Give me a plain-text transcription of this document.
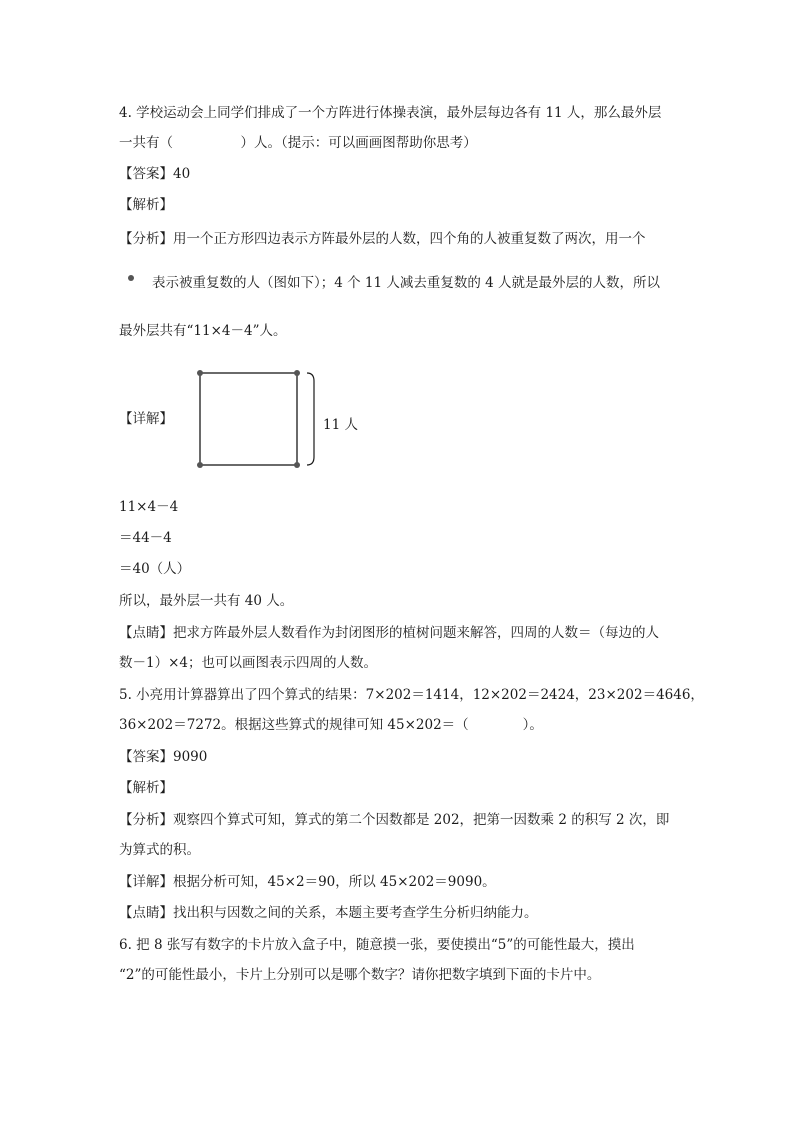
4. 学校运动会上同学们排成了一个方阵进行体操表演，最外层每边各有 11 人，那么最外层
一共有（　　　　　）人。（提示：可以画画图帮助你思考）
【答案】40
【解析】
【分析】用一个正方形四边表示方阵最外层的人数，四个角的人被重复数了两次，用一个
表示被重复数的人（图如下）；4 个 11 人减去重复数的 4 人就是最外层的人数，所以
最外层共有“11×4－4”人。
【详解】	11 人
11×4－4
＝44－4
＝40（人）
所以，最外层一共有 40 人。
【点睛】把求方阵最外层人数看作为封闭图形的植树问题来解答，四周的人数＝（每边的人
数－1）×4；也可以画图表示四周的人数。
5. 小亮用计算器算出了四个算式的结果：7×202＝1414，12×202＝2424，23×202＝4646，
36×202＝7272。根据这些算式的规律可知 45×202＝（　　　　）。
【答案】9090
【解析】
【分析】观察四个算式可知，算式的第二个因数都是 202，把第一因数乘 2 的积写 2 次，即
为算式的积。
【详解】根据分析可知，45×2＝90，所以 45×202＝9090。
【点睛】找出积与因数之间的关系，本题主要考查学生分析归纳能力。
6. 把 8 张写有数字的卡片放入盒子中，随意摸一张，要使摸出“5”的可能性最大，摸出
“2”的可能性最小，卡片上分别可以是哪个数字？请你把数字填到下面的卡片中。
